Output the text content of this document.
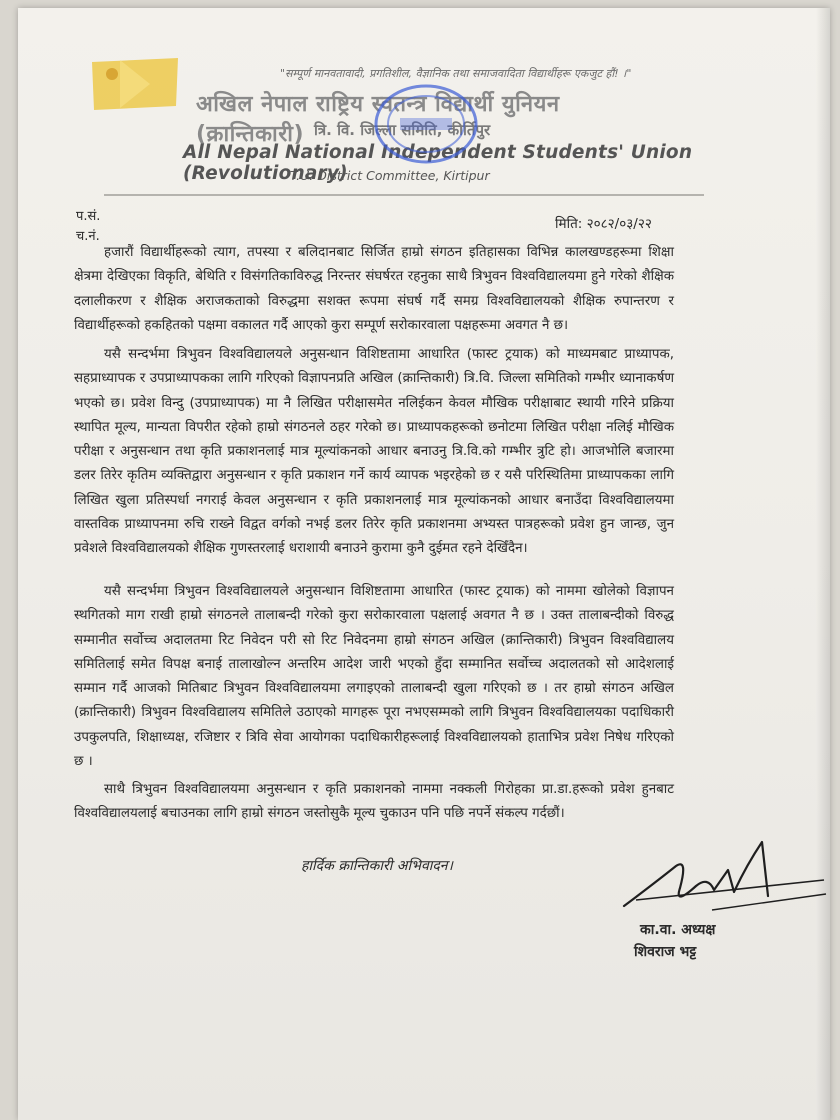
"सम्पूर्ण मानवतावादी, प्रगतिशील, वैज्ञानिक तथा समाजवादिता विद्यार्थीहरू एकजुट हौं! ।"
अखिल नेपाल राष्ट्रिय स्वतन्त्र विद्यार्थी युनियन (क्रान्तिकारी) त्रि. वि. जिल्ला समिति, कीर्तिपुर
All Nepal National Independent Students' Union (Revolutionary)
T.U. District Committee, Kirtipur
प.सं.
च.नं.
मिति: २०८२/०३/२२

हजारौं विद्यार्थीहरूको त्याग, तपस्या र बलिदानबाट सिर्जित हाम्रो संगठन इतिहासका विभिन्न कालखण्डहरूमा शिक्षा क्षेत्रमा देखिएका विकृति, बेथिति र विसंगतिकाविरुद्ध निरन्तर संघर्षरत रहनुका साथै त्रिभुवन विश्वविद्यालयमा हुने गरेको शैक्षिक दलालीकरण र शैक्षिक अराजकताको विरुद्धमा सशक्त रूपमा संघर्ष गर्दै समग्र विश्वविद्यालयको शैक्षिक रुपान्तरण र विद्यार्थीहरूको हकहितको पक्षमा वकालत गर्दै आएको कुरा सम्पूर्ण सरोकारवाला पक्षहरूमा अवगत नै छ।

यसै सन्दर्भमा त्रिभुवन विश्वविद्यालयले अनुसन्धान विशिष्टतामा आधारित (फास्ट ट्रयाक) को माध्यमबाट प्राध्यापक, सहप्राध्यापक र उपप्राध्यापकका लागि गरिएको विज्ञापनप्रति अखिल (क्रान्तिकारी) त्रि.वि. जिल्ला समितिको गम्भीर ध्यानाकर्षण भएको छ। प्रवेश विन्दु (उपप्राध्यापक) मा नै लिखित परीक्षासमेत नलिईकन केवल मौखिक परीक्षाबाट स्थायी गरिने प्रक्रिया स्थापित मूल्य, मान्यता विपरीत रहेको हाम्रो संगठनले ठहर गरेको छ। प्राध्यापकहरूको छनोटमा लिखित परीक्षा नलिई मौखिक परीक्षा र अनुसन्धान तथा कृति प्रकाशनलाई मात्र मूल्यांकनको आधार बनाउनु त्रि.वि.को गम्भीर त्रुटि हो। आजभोलि बजारमा डलर तिरेर कृतिम व्यक्तिद्वारा अनुसन्धान र कृति प्रकाशन गर्ने कार्य व्यापक भइरहेको छ र यसै परिस्थितिमा प्राध्यापकका लागि लिखित खुला प्रतिस्पर्धा नगराई केवल अनुसन्धान र कृति प्रकाशनलाई मात्र मूल्यांकनको आधार बनाउँदा विश्वविद्यालयमा वास्तविक प्राध्यापनमा रुचि राख्ने विद्वत वर्गको नभई डलर तिरेर कृति प्रकाशनमा अभ्यस्त पात्रहरूको प्रवेश हुन जान्छ, जुन प्रवेशले विश्वविद्यालयको शैक्षिक गुणस्तरलाई धराशायी बनाउने कुरामा कुनै दुईमत रहने देखिँदैन।

यसै सन्दर्भमा त्रिभुवन विश्वविद्यालयले अनुसन्धान विशिष्टतामा आधारित (फास्ट ट्रयाक) को नाममा खोलेको विज्ञापन स्थगितको माग राखी हाम्रो संगठनले तालाबन्दी गरेको कुरा सरोकारवाला पक्षलाई अवगत नै छ । उक्त तालाबन्दीको विरुद्ध सम्मानीत सर्वोच्च अदालतमा रिट निवेदन परी सो रिट निवेदनमा हाम्रो संगठन अखिल (क्रान्तिकारी) त्रिभुवन विश्वविद्यालय समितिलाई समेत विपक्ष बनाई तालाखोल्न अन्तरिम आदेश जारी भएको हुँदा सम्मानित सर्वोच्च अदालतको सो आदेशलाई सम्मान गर्दै आजको मितिबाट त्रिभुवन विश्वविद्यालयमा लगाइएको तालाबन्दी खुला गरिएको छ । तर हाम्रो संगठन अखिल (क्रान्तिकारी) त्रिभुवन विश्वविद्यालय समितिले उठाएको मागहरू पूरा नभएसम्मको लागि त्रिभुवन विश्वविद्यालयका पदाधिकारी उपकुलपति, शिक्षाध्यक्ष, रजिष्टार र त्रिवि सेवा आयोगका पदाधिकारीहरूलाई विश्वविद्यालयको हाताभित्र प्रवेश निषेध गरिएको छ ।

साथै त्रिभुवन विश्वविद्यालयमा अनुसन्धान र कृति प्रकाशनको नाममा नक्कली गिरोहका प्रा.डा.हरूको प्रवेश हुनबाट विश्वविद्यालयलाई बचाउनका लागि हाम्रो संगठन जस्तोसुकै मूल्य चुकाउन पनि पछि नपर्ने संकल्प गर्दछौं।

हार्दिक क्रान्तिकारी अभिवादन।
का.वा. अध्यक्ष
शिवराज भट्ट
